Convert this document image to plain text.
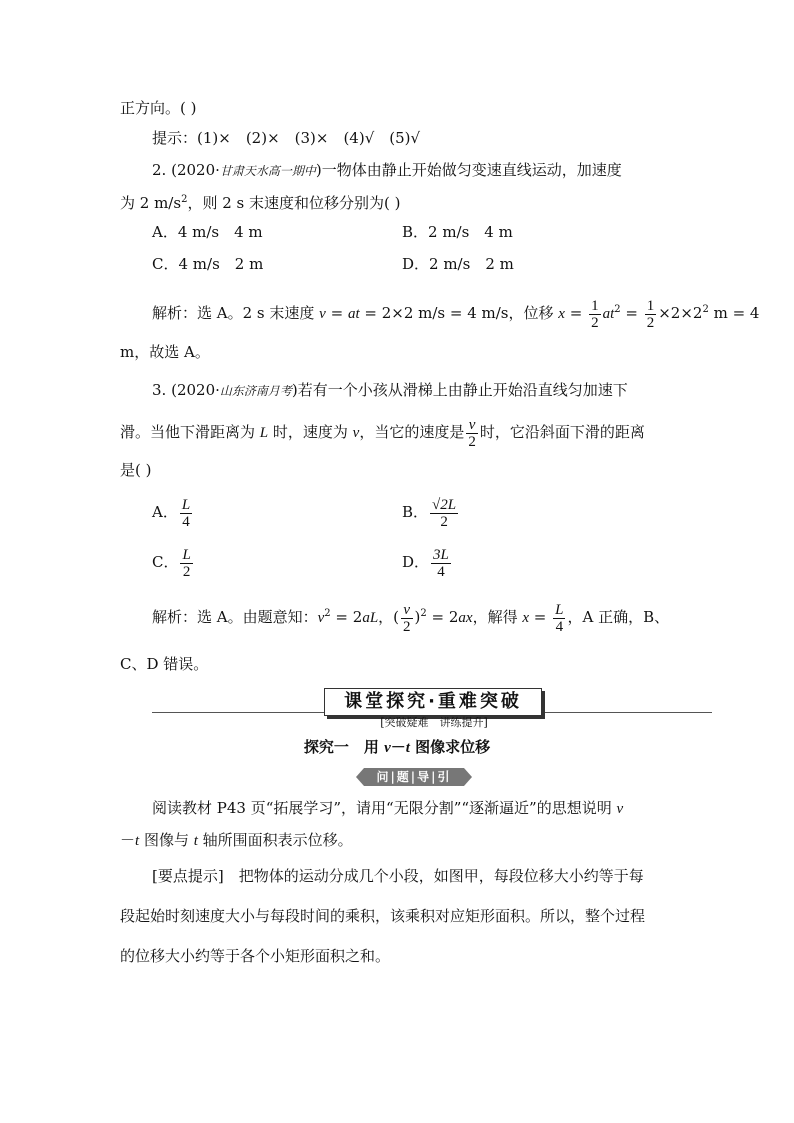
正方向。( )
提示：(1)×　(2)×　(3)×　(4)√　(5)√
2. (2020·甘肃天水高一期中)一物体由静止开始做匀变速直线运动，加速度
为 2 $m/s^2$，则 2 s 末速度和位移分别为( )
A．4 m/s　4 m	B．2 m/s　4 m
C．4 m/s　2 m	D．2 m/s　2 m
解析：选 A。2 s 末速度 v = at = 2×2 m/s = 4 m/s，位移 $x = \frac{1}{2} at^2 = \frac{1}{2} \times 2\times 2^2$ m = 4
m，故选 A。
3. (2020·山东济南月考)若有一个小孩从滑梯上由静止开始沿直线匀加速下
滑。当他下滑距离为 L 时，速度为 v，当它的速度是 $\frac{v}{2}$ 时，它沿斜面下滑的距离
是( )
A． $\frac{L}{4}$	B． $\frac{√2L}{2}$
C． $\frac{L}{2}$	D． $\frac{3L}{4}$
解析：选 A。由题意知：$v^2 = 2aL$，( $\frac{v}{2} )^2 = 2ax$，解得 $x = \frac{L}{4}$ ，A 正确，B、
C、D 错误。
课堂探究·重难突破
[突破疑难　讲练提升]
探究一　用 v－t 图像求位移
问|题|导|引
阅读教材 P43 页“拓展学习”，请用“无限分割”“逐渐逼近”的思想说明 v
－t 图像与 t 轴所围面积表示位移。
[要点提示]　把物体的运动分成几个小段，如图甲，每段位移大小约等于每
段起始时刻速度大小与每段时间的乘积，该乘积对应矩形面积。所以，整个过程
的位移大小约等于各个小矩形面积之和。
